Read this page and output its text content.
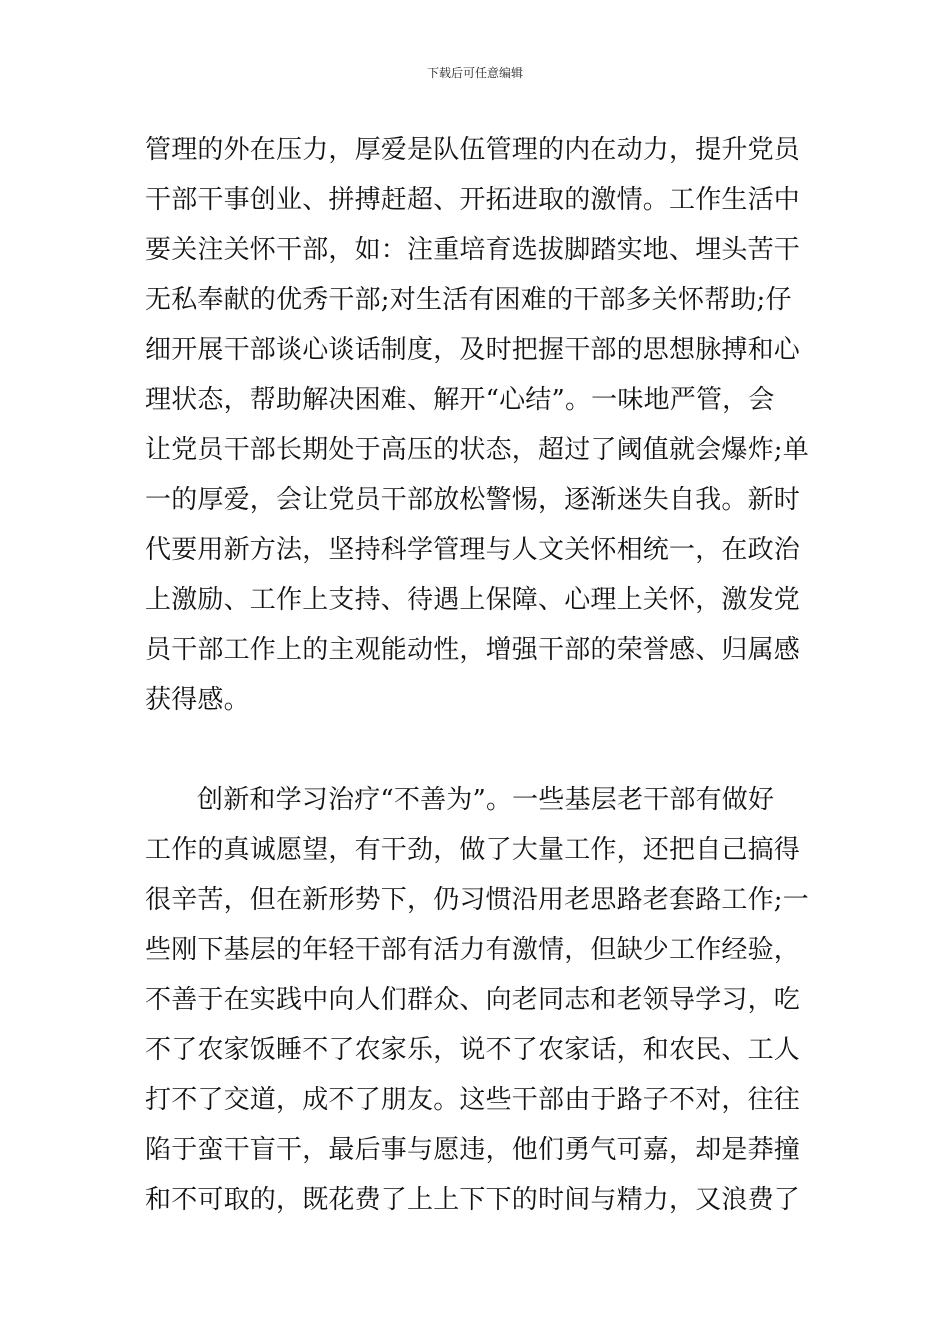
下载后可任意编辑
管理的外在压力，厚爱是队伍管理的内在动力，提升党员
干部干事创业、拼搏赶超、开拓进取的激情。工作生活中
要关注关怀干部，如：注重培育选拔脚踏实地、埋头苦干
无私奉献的优秀干部;对生活有困难的干部多关怀帮助;仔
细开展干部谈心谈话制度，及时把握干部的思想脉搏和心
理状态，帮助解决困难、解开“心结”。一味地严管，会
让党员干部长期处于高压的状态，超过了阈值就会爆炸;单
一的厚爱，会让党员干部放松警惕，逐渐迷失自我。新时
代要用新方法，坚持科学管理与人文关怀相统一，在政治
上激励、工作上支持、待遇上保障、心理上关怀，激发党
员干部工作上的主观能动性，增强干部的荣誉感、归属感
获得感。
创新和学习治疗“不善为”。一些基层老干部有做好
工作的真诚愿望，有干劲，做了大量工作，还把自己搞得
很辛苦，但在新形势下，仍习惯沿用老思路老套路工作;一
些刚下基层的年轻干部有活力有激情，但缺少工作经验，
不善于在实践中向人们群众、向老同志和老领导学习，吃
不了农家饭睡不了农家乐，说不了农家话，和农民、工人
打不了交道，成不了朋友。这些干部由于路子不对，往往
陷于蛮干盲干，最后事与愿违，他们勇气可嘉，却是莽撞
和不可取的，既花费了上上下下的时间与精力，又浪费了
